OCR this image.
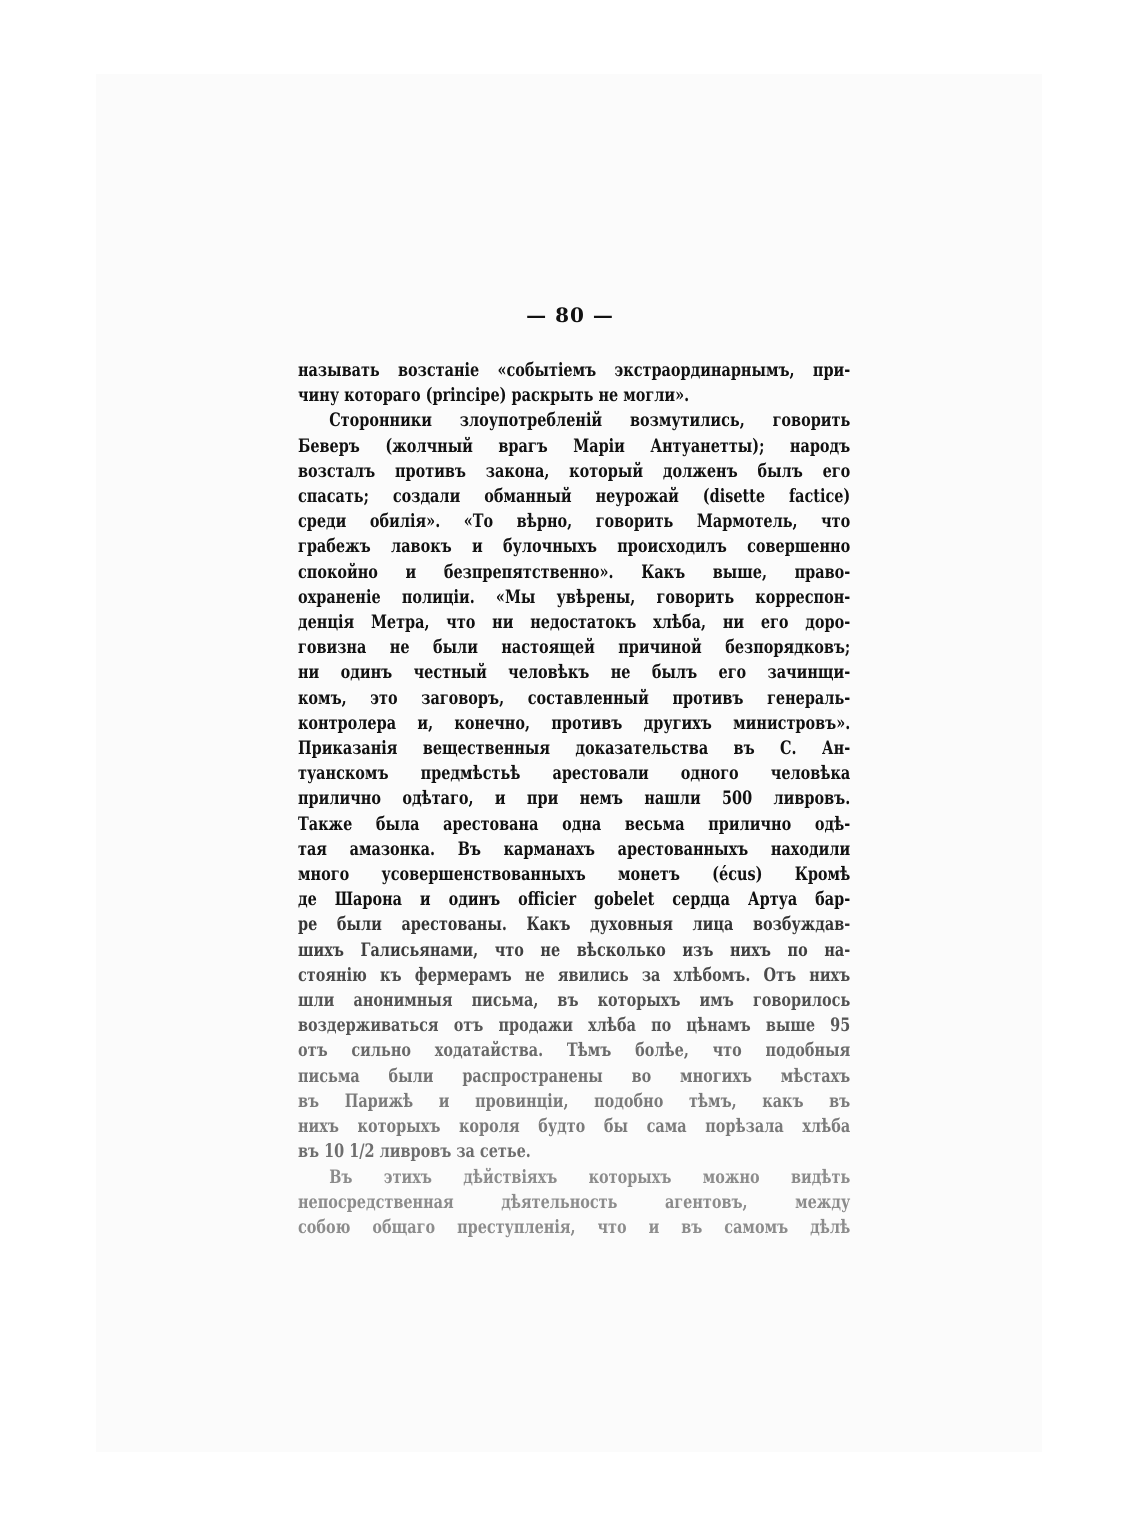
— 80 —

называть возстаніе «событіемъ экстраординарнымъ, при-
чину котораго (principe) раскрыть не могли».

Сторонники злоупотребленій возмутились, говорить
Беверъ (жолчный врагъ Маріи Антуанетты); народъ
возсталъ противъ закона, который долженъ былъ его
спасать; создали обманный неурожай (disette factice)
среди обилія». «То вѣрно, говорить Мармотель, что
грабежъ лавокъ и булочныхъ происходилъ совершенно
спокойно и безпрепятственно». Какъ выше, право-
охраненіе полиціи. «Мы увѣрены, говорить корреспон-
денція Метра, что ни недостатокъ хлѣба, ни его доро-
говизна не были настоящей причиной безпорядковъ;
ни одинъ честный человѣкъ не былъ его зачинщи-
комъ, это заговоръ, составленный противъ генераль-
контролера и, конечно, противъ другихъ министровъ».
Приказанія вещественныя доказательства въ С. Ан-
туанскомъ предмѣстьѣ арестовали одного человѣка
прилично одѣтаго, и при немъ нашли 500 ливровъ.
Также была арестована одна весьма прилично одѣ-
тая амазонка. Въ карманахъ арестованныхъ находили
много усовершенствованныхъ монетъ (écus) Кромѣ
де Шарона и одинъ officier gobelet сердца Артуа бар-
ре были арестованы. Какъ духовныя лица возбуждав-
шихъ Галисьянами, что не вѣсколько изъ нихъ по на-
стоянію къ фермерамъ не явились за хлѣбомъ. Отъ нихъ
шли анонимныя письма, въ которыхъ имъ говорилось
воздерживаться отъ продажи хлѣба по цѣнамъ выше 95
отъ сильно ходатайства. Тѣмъ болѣе, что подобныя
письма были распространены во многихъ мѣстахъ
въ Парижѣ и провинціи, подобно тѣмъ, какъ въ
нихъ которыхъ короля будто бы сама порѣзала хлѣба
въ 10 1/2 ливровъ за сетье.

Въ этихъ дѣйствіяхъ которыхъ можно видѣть
непосредственная дѣятельность агентовъ, между
собою общаго преступленія, что и въ самомъ дѣлѣ
